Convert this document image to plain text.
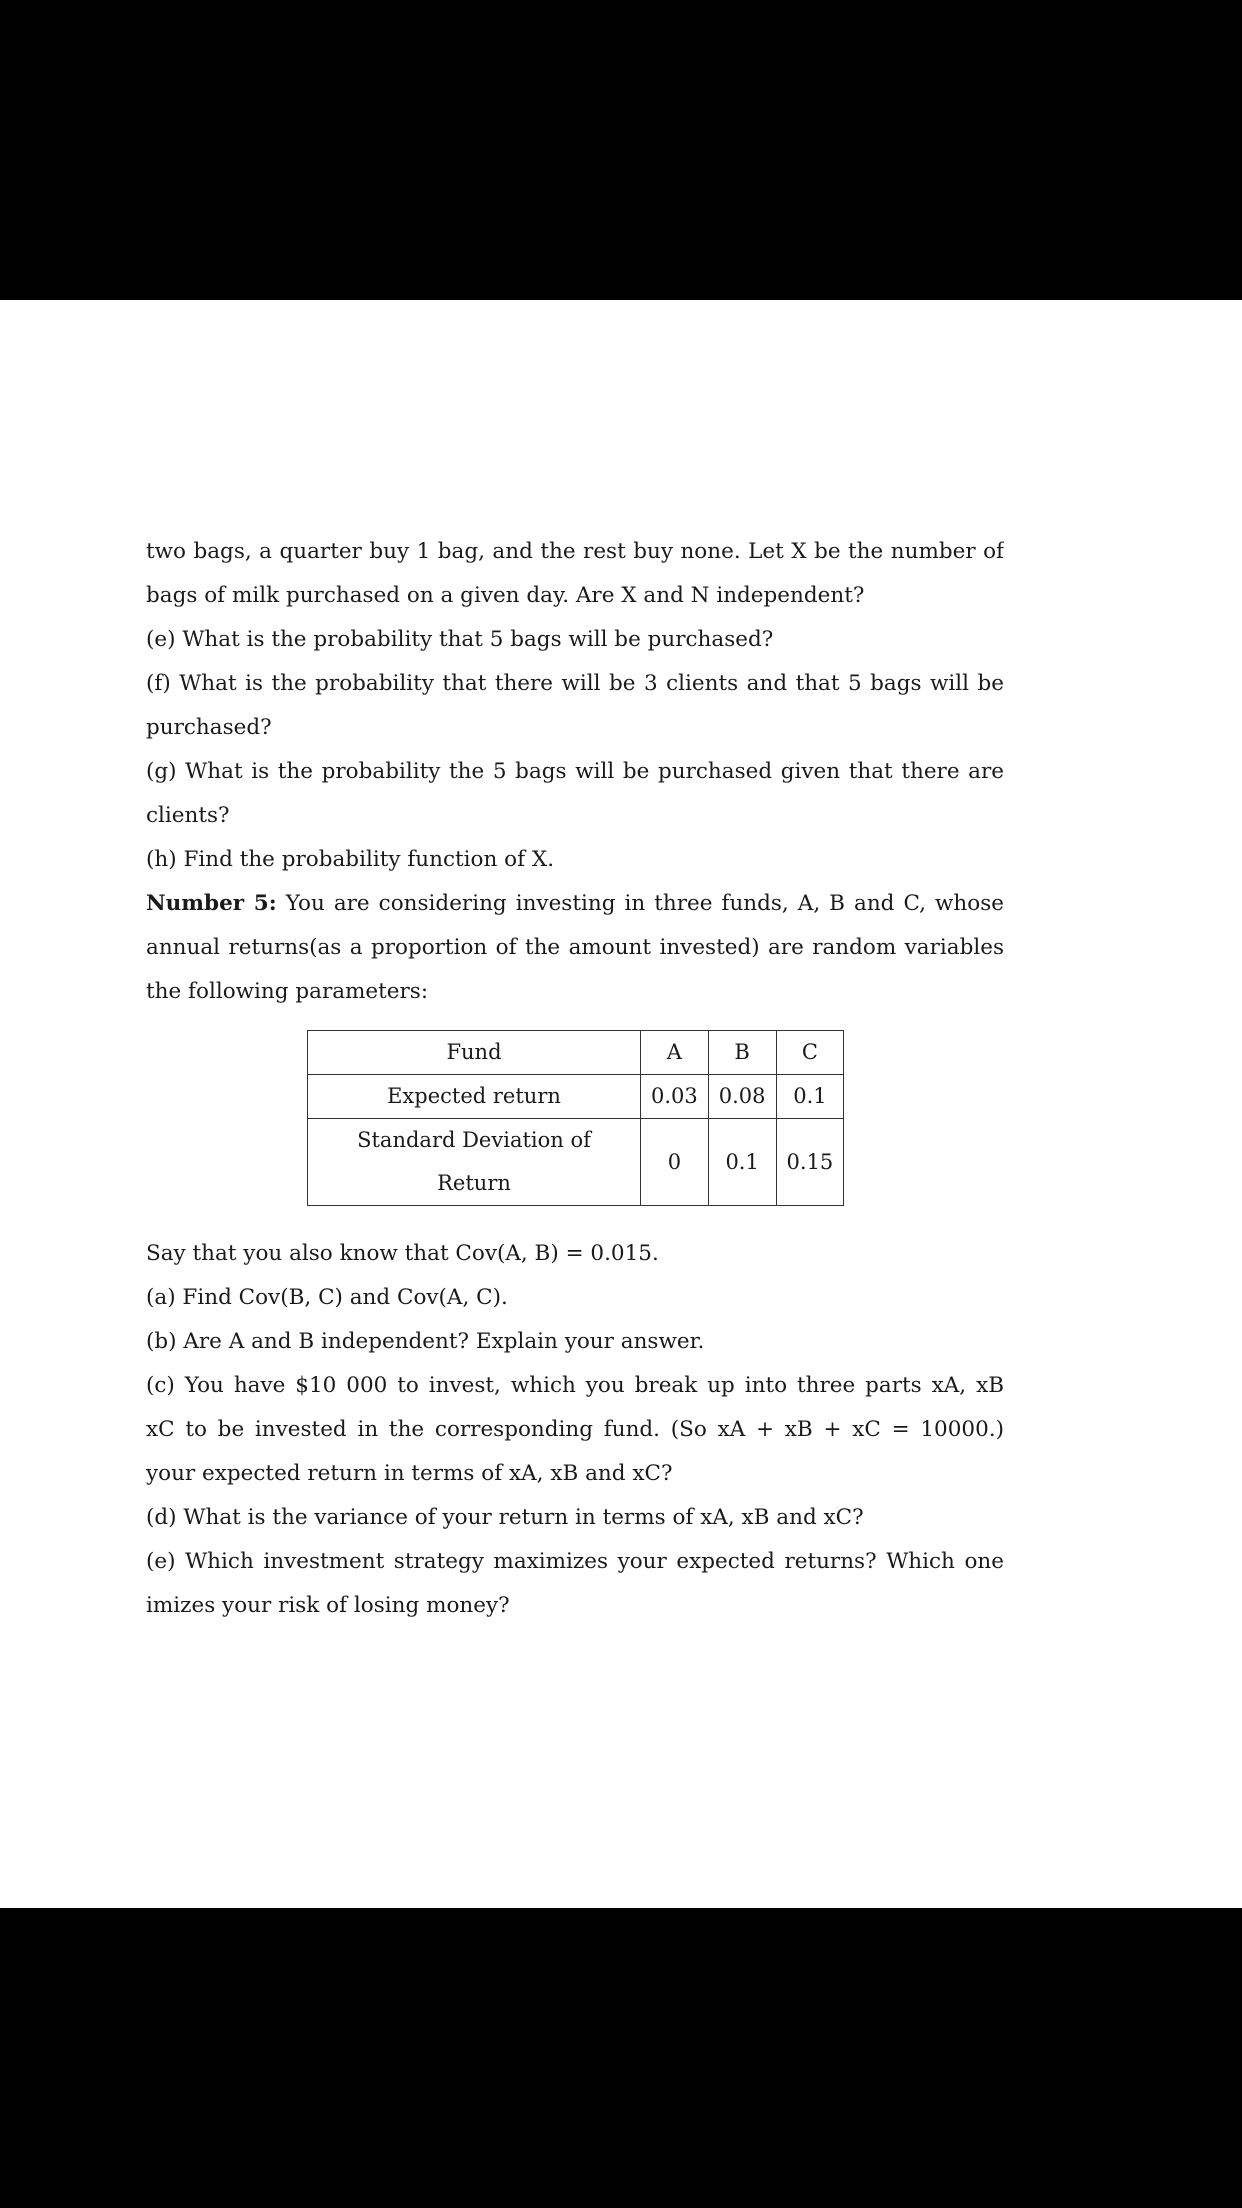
two bags, a quarter buy 1 bag, and the rest buy none. Let X be the number of
bags of milk purchased on a given day. Are X and N independent?
(e) What is the probability that 5 bags will be purchased?
(f) What is the probability that there will be 3 clients and that 5 bags will be
purchased?
(g) What is the probability the 5 bags will be purchased given that there are
clients?
(h) Find the probability function of X.
Number 5: You are considering investing in three funds, A, B and C, whose
annual returns(as a proportion of the amount invested) are random variables
the following parameters:
Fund	A	B	C
Expected return	0.03	0.08	0.1
Standard Deviation of Return	0	0.1	0.15
Say that you also know that Cov(A, B) = 0.015.
(a) Find Cov(B, C) and Cov(A, C).
(b) Are A and B independent? Explain your answer.
(c) You have $10 000 to invest, which you break up into three parts xA, xB
xC to be invested in the corresponding fund. (So xA + xB + xC = 10000.)
your expected return in terms of xA, xB and xC?
(d) What is the variance of your return in terms of xA, xB and xC?
(e) Which investment strategy maximizes your expected returns? Which one
imizes your risk of losing money?
